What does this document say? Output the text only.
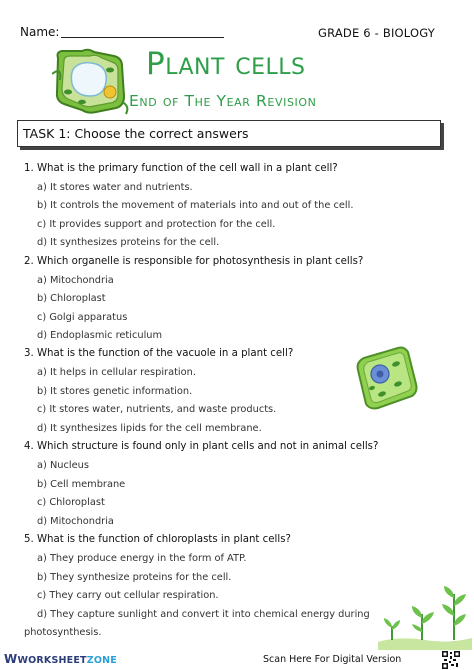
Name:	GRADE 6 - BIOLOGY
Plant cells
End of The Year Revision
TASK 1: Choose the correct answers
1. What is the primary function of the cell wall in a plant cell?
a) It stores water and nutrients.
b) It controls the movement of materials into and out of the cell.
c) It provides support and protection for the cell.
d) It synthesizes proteins for the cell.
2. Which organelle is responsible for photosynthesis in plant cells?
a) Mitochondria
b) Chloroplast
c) Golgi apparatus
d) Endoplasmic reticulum
3. What is the function of the vacuole in a plant cell?
a) It helps in cellular respiration.
b) It stores genetic information.
c) It stores water, nutrients, and waste products.
d) It synthesizes lipids for the cell membrane.
4. Which structure is found only in plant cells and not in animal cells?
a) Nucleus
b) Cell membrane
c) Chloroplast
d) Mitochondria
5. What is the function of chloroplasts in plant cells?
a) They produce energy in the form of ATP.
b) They synthesize proteins for the cell.
c) They carry out cellular respiration.
d) They capture sunlight and convert it into chemical energy during
photosynthesis.
WWORKSHEETZONE	Scan Here For Digital Version
